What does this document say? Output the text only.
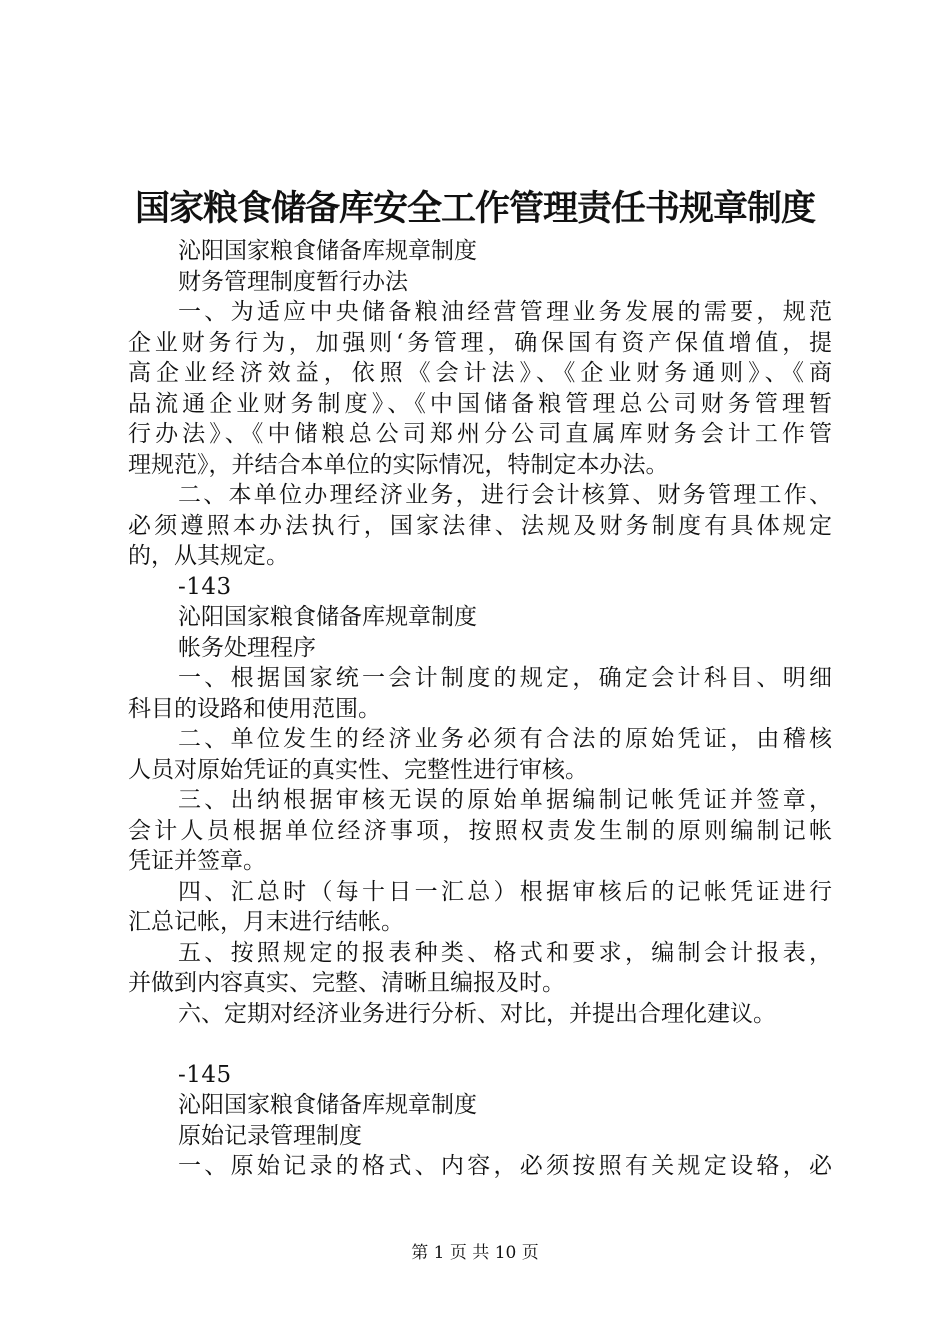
国家粮食储备库安全工作管理责任书规章制度
沁阳国家粮食储备库规章制度
财务管理制度暂行办法
一、为适应中央储备粮油经营管理业务发展的需要，规范
企业财务行为，加强则‘务管理，确保国有资产保值增值，提
高企业经济效益，依照《会计法》、《企业财务通则》、《商
品流通企业财务制度》、《中国储备粮管理总公司财务管理暂
行办法》、《中储粮总公司郑州分公司直属库财务会计工作管
理规范》，并结合本单位的实际情况，特制定本办法。
二、本单位办理经济业务，进行会计核算、财务管理工作、
必须遵照本办法执行，国家法律、法规及财务制度有具体规定
的，从其规定。
-143
沁阳国家粮食储备库规章制度
帐务处理程序
一、根据国家统一会计制度的规定，确定会计科目、明细
科目的设路和使用范围。
二、单位发生的经济业务必须有合法的原始凭证，由稽核
人员对原始凭证的真实性、完整性进行审核。
三、出纳根据审核无误的原始单据编制记帐凭证并签章，
会计人员根据单位经济事项，按照权责发生制的原则编制记帐
凭证并签章。
四、汇总时（每十日一汇总）根据审核后的记帐凭证进行
汇总记帐，月末进行结帐。
五、按照规定的报表种类、格式和要求，编制会计报表，
并做到内容真实、完整、清晰且编报及时。
六、定期对经济业务进行分析、对比，并提出合理化建议。
-145
沁阳国家粮食储备库规章制度
原始记录管理制度
一、原始记录的格式、内容，必须按照有关规定设辂，必
第 1 页 共 10 页
